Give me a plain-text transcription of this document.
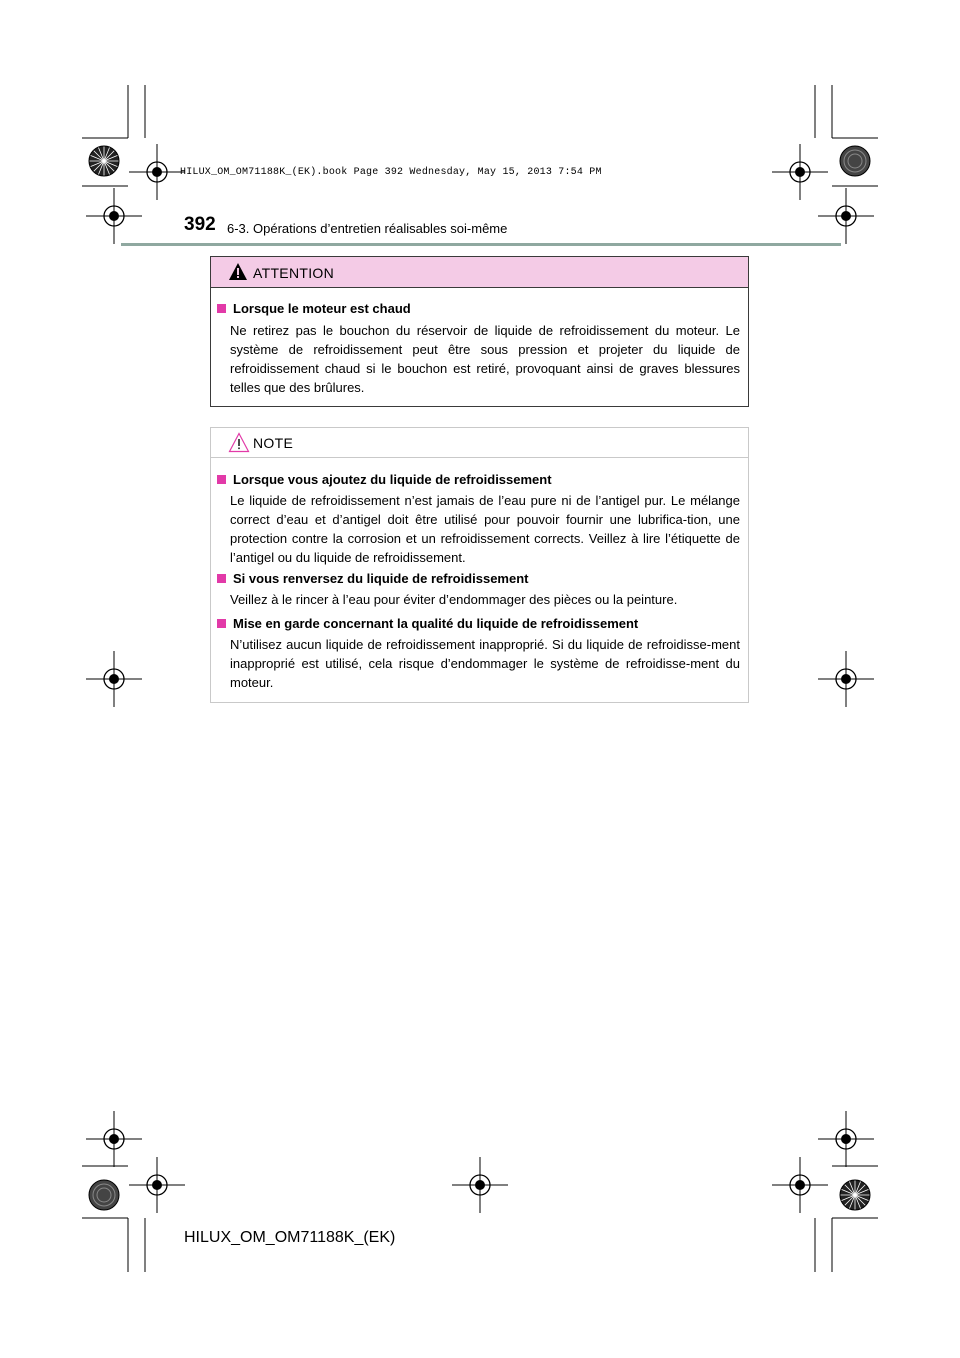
HILUX_OM_OM71188K_(EK).book Page 392 Wednesday, May 15, 2013 7:54 PM
392 6-3. Opérations d’entretien réalisables soi-même
ATTENTION
Lorsque le moteur est chaud
Ne retirez pas le bouchon du réservoir de liquide de refroidissement du moteur. Le système de refroidissement peut être sous pression et projeter du liquide de refroidissement chaud si le bouchon est retiré, provoquant ainsi de graves blessures telles que des brûlures.
NOTE
Lorsque vous ajoutez du liquide de refroidissement
Le liquide de refroidissement n’est jamais de l’eau pure ni de l’antigel pur. Le mélange correct d’eau et d’antigel doit être utilisé pour pouvoir fournir une lubrifica-tion, une protection contre la corrosion et un refroidissement corrects. Veillez à lire l’étiquette de l’antigel ou du liquide de refroidissement.
Si vous renversez du liquide de refroidissement
Veillez à le rincer à l’eau pour éviter d’endommager des pièces ou la peinture.
Mise en garde concernant la qualité du liquide de refroidissement
N’utilisez aucun liquide de refroidissement inapproprié. Si du liquide de refroidisse-ment inapproprié est utilisé, cela risque d’endommager le système de refroidisse-ment du moteur.
HILUX_OM_OM71188K_(EK)
